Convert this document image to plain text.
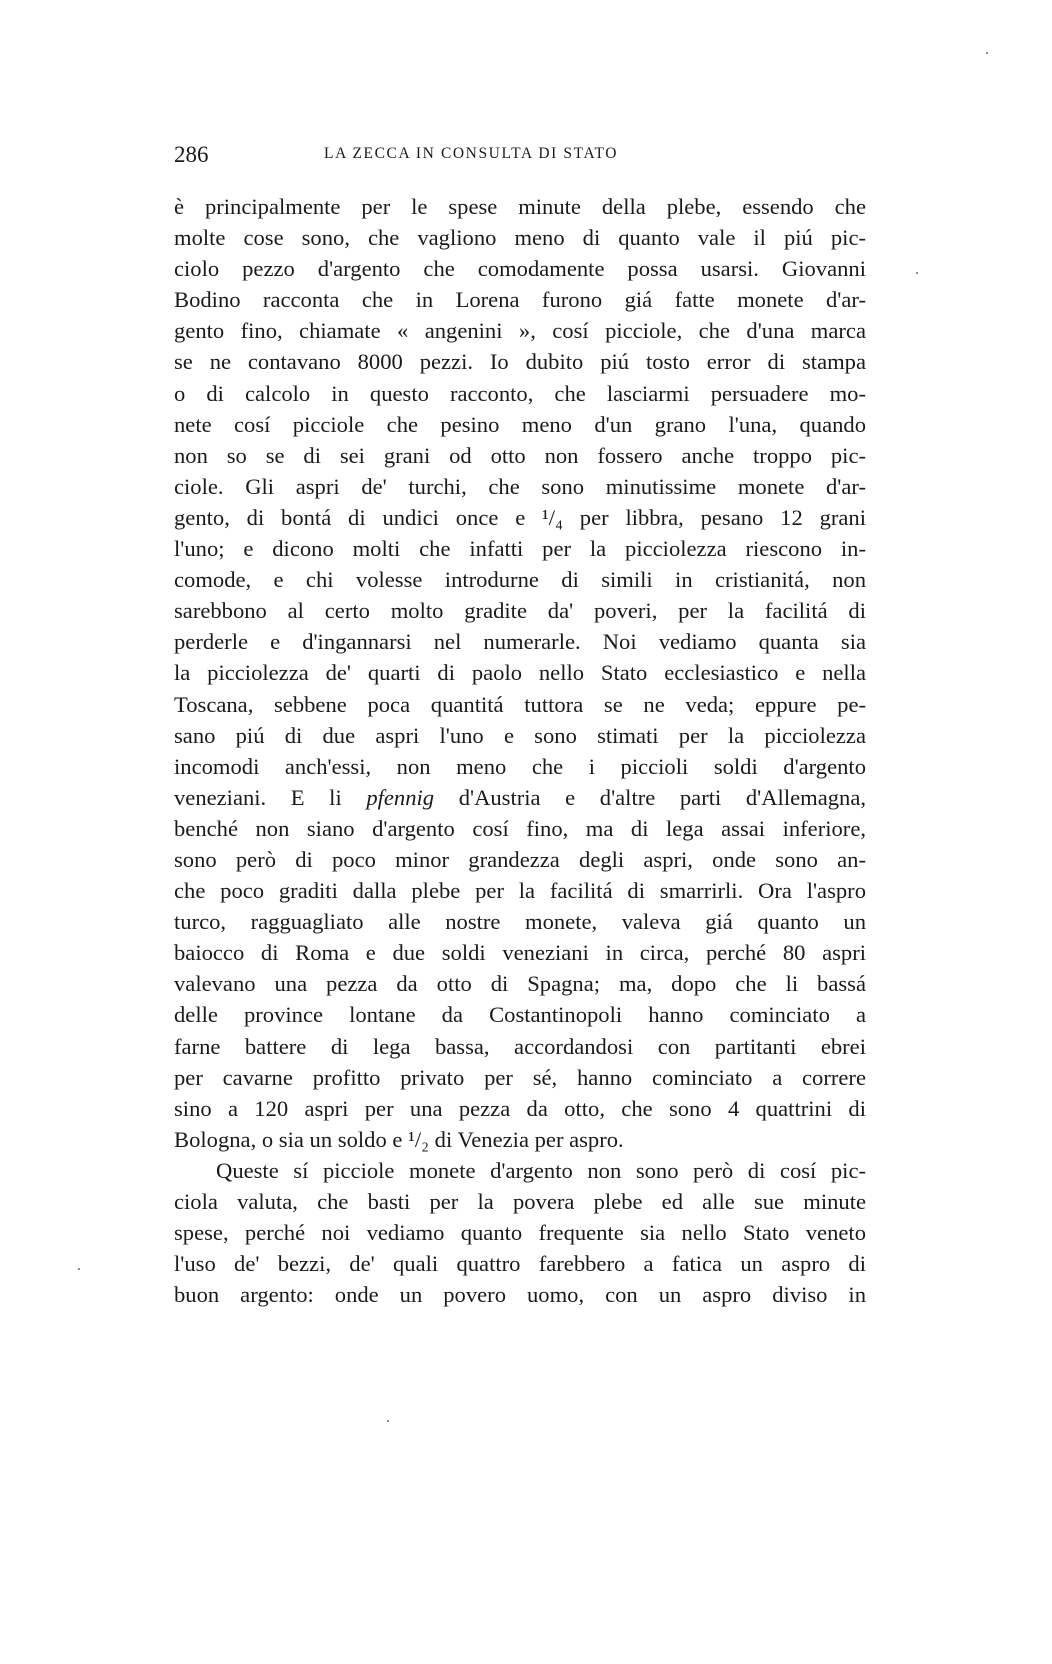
286	LA ZECCA IN CONSULTA DI STATO
è principalmente per le spese minute della plebe, essendo che
molte cose sono, che vagliono meno di quanto vale il piú pic-
ciolo pezzo d'argento che comodamente possa usarsi. Giovanni
Bodino racconta che in Lorena furono giá fatte monete d'ar-
gento fino, chiamate « angenini », cosí picciole, che d'una marca
se ne contavano 8000 pezzi. Io dubito piú tosto error di stampa
o di calcolo in questo racconto, che lasciarmi persuadere mo-
nete cosí picciole che pesino meno d'un grano l'una, quando
non so se di sei grani od otto non fossero anche troppo pic-
ciole. Gli aspri de' turchi, che sono minutissime monete d'ar-
gento, di bontá di undici once e ¹/₄ per libbra, pesano 12 grani
l'uno; e dicono molti che infatti per la picciolezza riescono in-
comode, e chi volesse introdurne di simili in cristianitá, non
sarebbono al certo molto gradite da' poveri, per la facilitá di
perderle e d'ingannarsi nel numerarle. Noi vediamo quanta sia
la picciolezza de' quarti di paolo nello Stato ecclesiastico e nella
Toscana, sebbene poca quantitá tuttora se ne veda; eppure pe-
sano piú di due aspri l'uno e sono stimati per la picciolezza
incomodi anch'essi, non meno che i piccioli soldi d'argento
veneziani. E li pfennig d'Austria e d'altre parti d'Allemagna,
benché non siano d'argento cosí fino, ma di lega assai inferiore,
sono però di poco minor grandezza degli aspri, onde sono an-
che poco graditi dalla plebe per la facilitá di smarrirli. Ora l'aspro
turco, ragguagliato alle nostre monete, valeva giá quanto un
baiocco di Roma e due soldi veneziani in circa, perché 80 aspri
valevano una pezza da otto di Spagna; ma, dopo che li bassá
delle province lontane da Costantinopoli hanno cominciato a
farne battere di lega bassa, accordandosi con partitanti ebrei
per cavarne profitto privato per sé, hanno cominciato a correre
sino a 120 aspri per una pezza da otto, che sono 4 quattrini di
Bologna, o sia un soldo e ¹/₂ di Venezia per aspro.
Queste sí picciole monete d'argento non sono però di cosí pic-
ciola valuta, che basti per la povera plebe ed alle sue minute
spese, perché noi vediamo quanto frequente sia nello Stato veneto
l'uso de' bezzi, de' quali quattro farebbero a fatica un aspro di
buon argento: onde un povero uomo, con un aspro diviso in
